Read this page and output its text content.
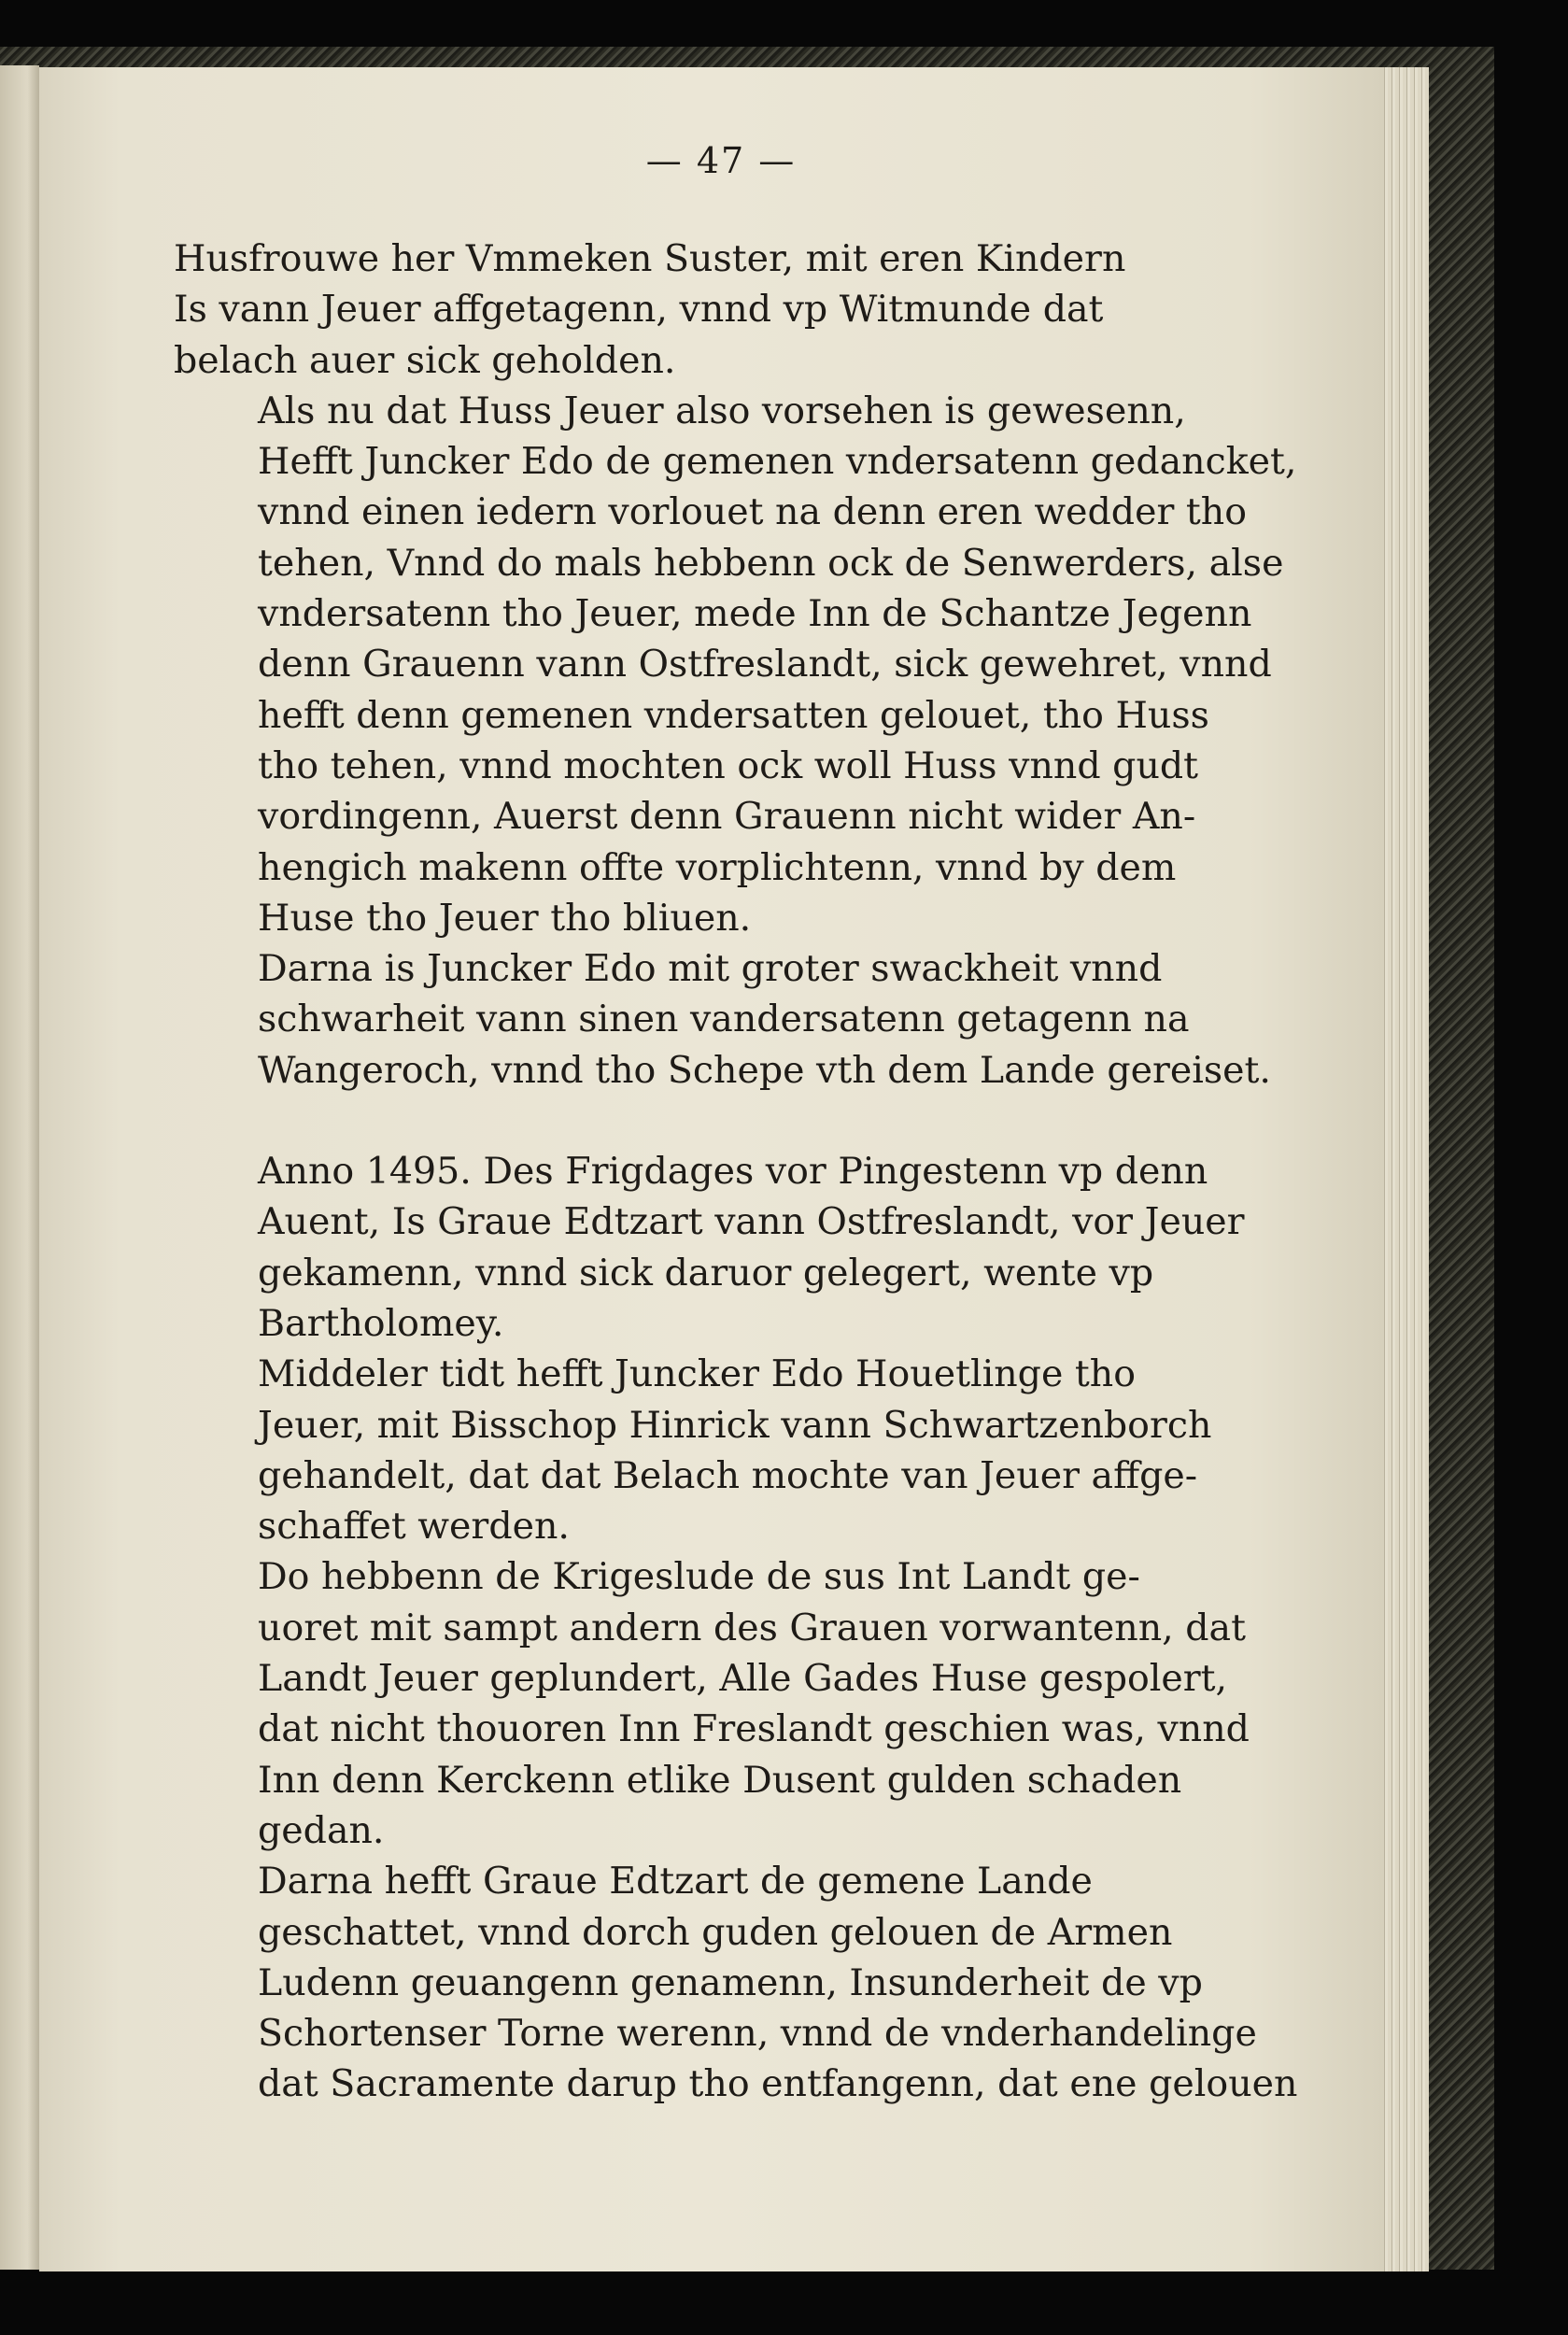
— 47 —

Husfrouwe her Vmmeken Suster, mit eren Kindern
Is vann Jeuer affgetagenn, vnnd vp Witmunde dat
belach auer sick geholden.

Als nu dat Huss Jeuer also vorsehen is gewesenn,
Hefft Juncker Edo de gemenen vndersatenn gedancket,
vnnd einen iedern vorlouet na denn eren wedder tho
tehen, Vnnd do mals hebbenn ock de Senwerders, alse
vndersatenn tho Jeuer, mede Inn de Schantze Jegenn
denn Grauenn vann Ostfreslandt, sick gewehret, vnnd
hefft denn gemenen vndersatten gelouet, tho Huss
tho tehen, vnnd mochten ock woll Huss vnnd gudt
vordingenn, Auerst denn Grauenn nicht wider An-
hengich makenn offte vorplichtenn, vnnd by dem
Huse tho Jeuer tho bliuen.

Darna is Juncker Edo mit groter swackheit vnnd
schwarheit vann sinen vandersatenn getagenn na
Wangeroch, vnnd tho Schepe vth dem Lande gereiset.

Anno 1495. Des Frigdages vor Pingestenn vp denn
Auent, Is Graue Edtzart vann Ostfreslandt, vor Jeuer
gekamenn, vnnd sick daruor gelegert, wente vp
Bartholomey.

Middeler tidt hefft Juncker Edo Houetlinge tho
Jeuer, mit Bisschop Hinrick vann Schwartzenborch
gehandelt, dat dat Belach mochte van Jeuer affge-
schaffet werden.

Do hebbenn de Krigeslude de sus Int Landt ge-
uoret mit sampt andern des Grauen vorwantenn, dat
Landt Jeuer geplundert, Alle Gades Huse gespolert,
dat nicht thouoren Inn Freslandt geschien was, vnnd
Inn denn Kerckenn etlike Dusent gulden schaden
gedan.

Darna hefft Graue Edtzart de gemene Lande
geschattet, vnnd dorch guden gelouen de Armen
Ludenn geuangenn genamenn, Insunderheit de vp
Schortenser Torne werenn, vnnd de vnderhandelinge
dat Sacramente darup tho entfangenn, dat ene gelouen
